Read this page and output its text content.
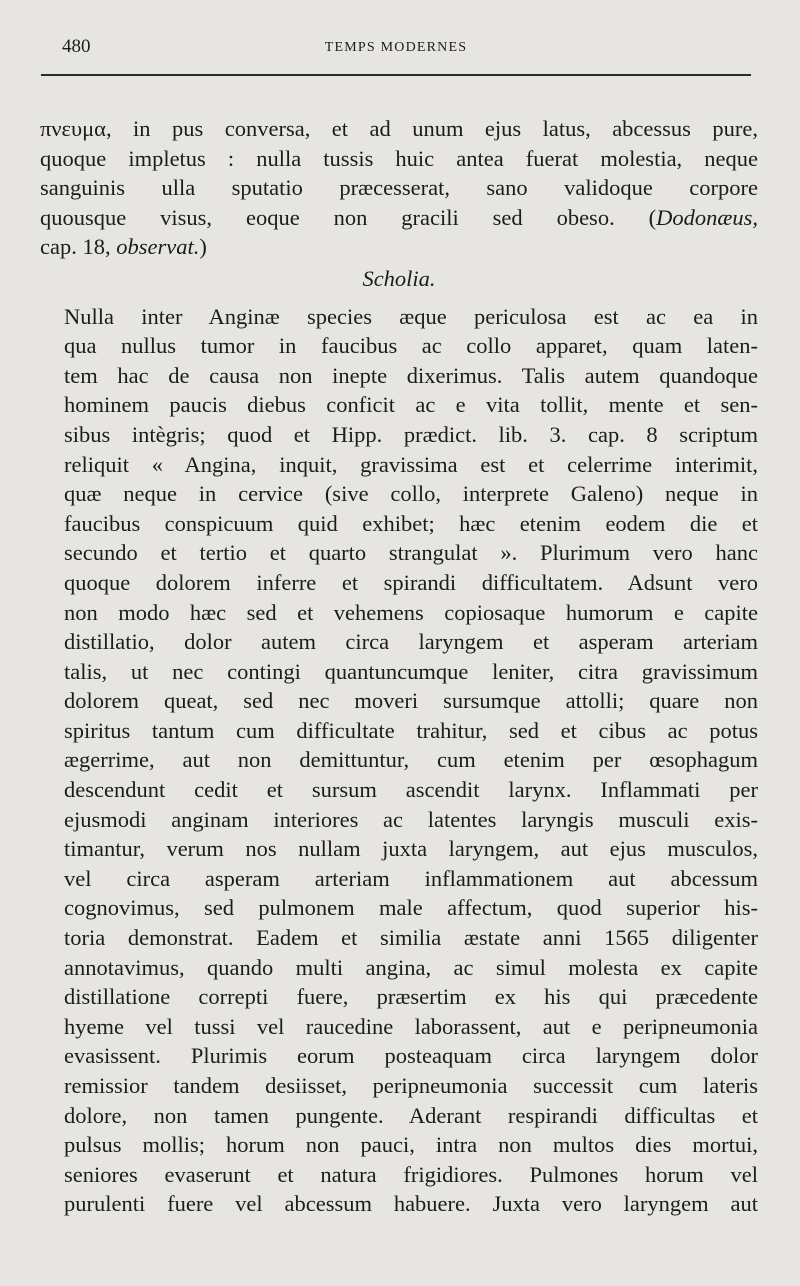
480	TEMPS MODERNES

πνευμα, in pus conversa, et ad unum ejus latus, abcessus pure,
quoque impletus : nulla tussis huic antea fuerat molestia, neque
sanguinis ulla sputatio præcesserat, sano validoque corpore
quousque visus, eoque non gracili sed obeso. (Dodonæus,
cap. 18, observat.)

Scholia.

Nulla inter Anginæ species æque periculosa est ac ea in
qua nullus tumor in faucibus ac collo apparet, quam laten-
tem hac de causa non inepte dixerimus. Talis autem quandoque
hominem paucis diebus conficit ac e vita tollit, mente et sen-
sibus intègris; quod et Hipp. prædict. lib. 3. cap. 8 scriptum
reliquit « Angina, inquit, gravissima est et celerrime interimit,
quæ neque in cervice (sive collo, interprete Galeno) neque in
faucibus conspicuum quid exhibet; hæc etenim eodem die et
secundo et tertio et quarto strangulat ». Plurimum vero hanc
quoque dolorem inferre et spirandi difficultatem. Adsunt vero
non modo hæc sed et vehemens copiosaque humorum e capite
distillatio, dolor autem circa laryngem et asperam arteriam
talis, ut nec contingi quantuncumque leniter, citra gravissimum
dolorem queat, sed nec moveri sursumque attolli; quare non
spiritus tantum cum difficultate trahitur, sed et cibus ac potus
ægerrime, aut non demittuntur, cum etenim per œsophagum
descendunt cedit et sursum ascendit larynx. Inflammati per
ejusmodi anginam interiores ac latentes laryngis musculi exis-
timantur, verum nos nullam juxta laryngem, aut ejus musculos,
vel circa asperam arteriam inflammationem aut abcessum
cognovimus, sed pulmonem male affectum, quod superior his-
toria demonstrat. Eadem et similia æstate anni 1565 diligenter
annotavimus, quando multi angina, ac simul molesta ex capite
distillatione correpti fuere, præsertim ex his qui præcedente
hyeme vel tussi vel raucedine laborassent, aut e peripneumonia
evasissent. Plurimis eorum posteaquam circa laryngem dolor
remissior tandem desiisset, peripneumonia successit cum lateris
dolore, non tamen pungente. Aderant respirandi difficultas et
pulsus mollis; horum non pauci, intra non multos dies mortui,
seniores evaserunt et natura frigidiores. Pulmones horum vel
purulenti fuere vel abcessum habuere. Juxta vero laryngem aut
